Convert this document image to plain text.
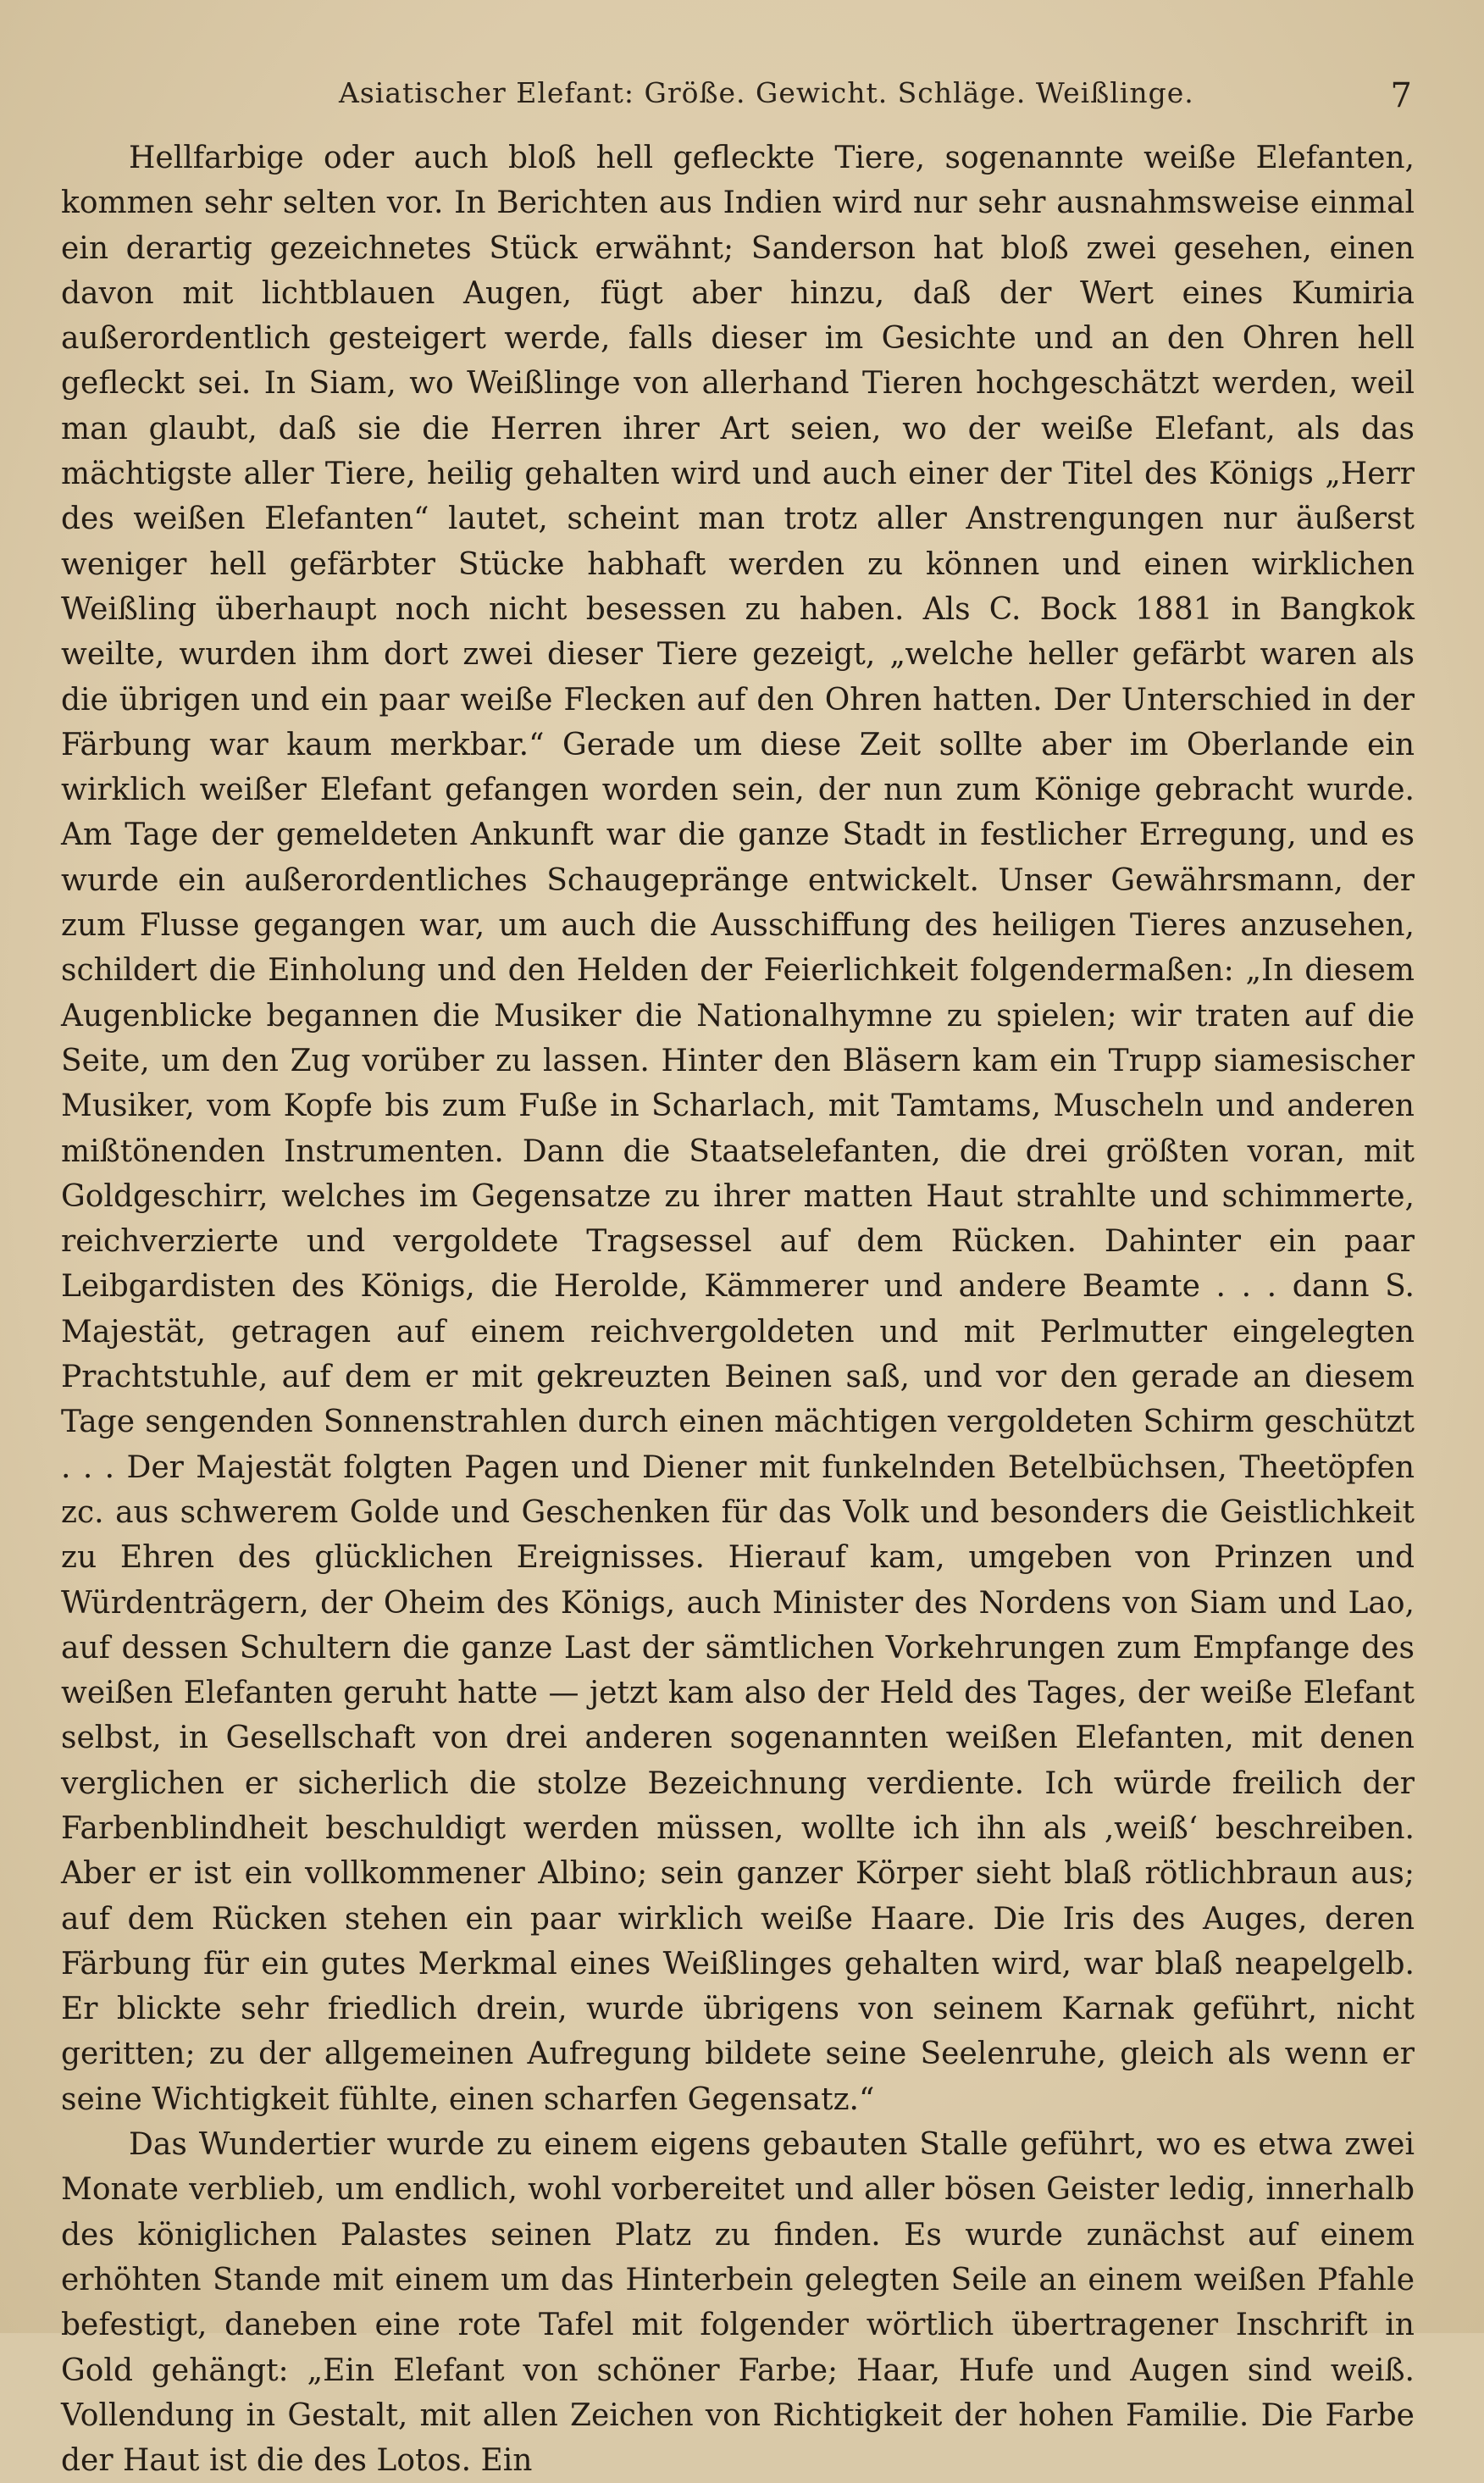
Asiatischer Elefant: Größe. Gewicht. Schläge. Weißlinge.	7

Hellfarbige oder auch bloß hell gefleckte Tiere, sogenannte weiße Elefanten, kommen sehr selten vor. In Berichten aus Indien wird nur sehr ausnahmsweise einmal ein derartig gezeichnetes Stück erwähnt; Sanderson hat bloß zwei gesehen, einen davon mit lichtblauen Augen, fügt aber hinzu, daß der Wert eines Kumiria außerordentlich gesteigert werde, falls dieser im Gesichte und an den Ohren hell gefleckt sei. In Siam, wo Weißlinge von allerhand Tieren hochgeschätzt werden, weil man glaubt, daß sie die Herren ihrer Art seien, wo der weiße Elefant, als das mächtigste aller Tiere, heilig gehalten wird und auch einer der Titel des Königs „Herr des weißen Elefanten“ lautet, scheint man trotz aller Anstrengungen nur äußerst weniger hell gefärbter Stücke habhaft werden zu können und einen wirklichen Weißling überhaupt noch nicht besessen zu haben. Als C. Bock 1881 in Bangkok weilte, wurden ihm dort zwei dieser Tiere gezeigt, „welche heller gefärbt waren als die übrigen und ein paar weiße Flecken auf den Ohren hatten. Der Unterschied in der Färbung war kaum merkbar.“ Gerade um diese Zeit sollte aber im Oberlande ein wirklich weißer Elefant gefangen worden sein, der nun zum Könige gebracht wurde. Am Tage der gemeldeten Ankunft war die ganze Stadt in festlicher Erregung, und es wurde ein außerordentliches Schaugepränge entwickelt. Unser Gewährsmann, der zum Flusse gegangen war, um auch die Ausschiffung des heiligen Tieres anzusehen, schildert die Einholung und den Helden der Feierlichkeit folgendermaßen: „In diesem Augenblicke begannen die Musiker die Nationalhymne zu spielen; wir traten auf die Seite, um den Zug vorüber zu lassen. Hinter den Bläsern kam ein Trupp siamesischer Musiker, vom Kopfe bis zum Fuße in Scharlach, mit Tamtams, Muscheln und anderen mißtönenden Instrumenten. Dann die Staatselefanten, die drei größten voran, mit Goldgeschirr, welches im Gegensatze zu ihrer matten Haut strahlte und schimmerte, reichverzierte und vergoldete Tragsessel auf dem Rücken. Dahinter ein paar Leibgardisten des Königs, die Herolde, Kämmerer und andere Beamte . . . dann S. Majestät, getragen auf einem reichvergoldeten und mit Perlmutter eingelegten Prachtstuhle, auf dem er mit gekreuzten Beinen saß, und vor den gerade an diesem Tage sengenden Sonnenstrahlen durch einen mächtigen vergoldeten Schirm geschützt . . . Der Majestät folgten Pagen und Diener mit funkelnden Betelbüchsen, Theetöpfen zc. aus schwerem Golde und Geschenken für das Volk und besonders die Geistlichkeit zu Ehren des glücklichen Ereignisses. Hierauf kam, umgeben von Prinzen und Würdenträgern, der Oheim des Königs, auch Minister des Nordens von Siam und Lao, auf dessen Schultern die ganze Last der sämtlichen Vorkehrungen zum Empfange des weißen Elefanten geruht hatte — jetzt kam also der Held des Tages, der weiße Elefant selbst, in Gesellschaft von drei anderen sogenannten weißen Elefanten, mit denen verglichen er sicherlich die stolze Bezeichnung verdiente. Ich würde freilich der Farbenblindheit beschuldigt werden müssen, wollte ich ihn als ‚weiß‘ beschreiben. Aber er ist ein vollkommener Albino; sein ganzer Körper sieht blaß rötlichbraun aus; auf dem Rücken stehen ein paar wirklich weiße Haare. Die Iris des Auges, deren Färbung für ein gutes Merkmal eines Weißlinges gehalten wird, war blaß neapelgelb. Er blickte sehr friedlich drein, wurde übrigens von seinem Karnak geführt, nicht geritten; zu der allgemeinen Aufregung bildete seine Seelenruhe, gleich als wenn er seine Wichtigkeit fühlte, einen scharfen Gegensatz.“

Das Wundertier wurde zu einem eigens gebauten Stalle geführt, wo es etwa zwei Monate verblieb, um endlich, wohl vorbereitet und aller bösen Geister ledig, innerhalb des königlichen Palastes seinen Platz zu finden. Es wurde zunächst auf einem erhöhten Stande mit einem um das Hinterbein gelegten Seile an einem weißen Pfahle befestigt, daneben eine rote Tafel mit folgender wörtlich übertragener Inschrift in Gold gehängt: „Ein Elefant von schöner Farbe; Haar, Hufe und Augen sind weiß. Vollendung in Gestalt, mit allen Zeichen von Richtigkeit der hohen Familie. Die Farbe der Haut ist die des Lotos. Ein
